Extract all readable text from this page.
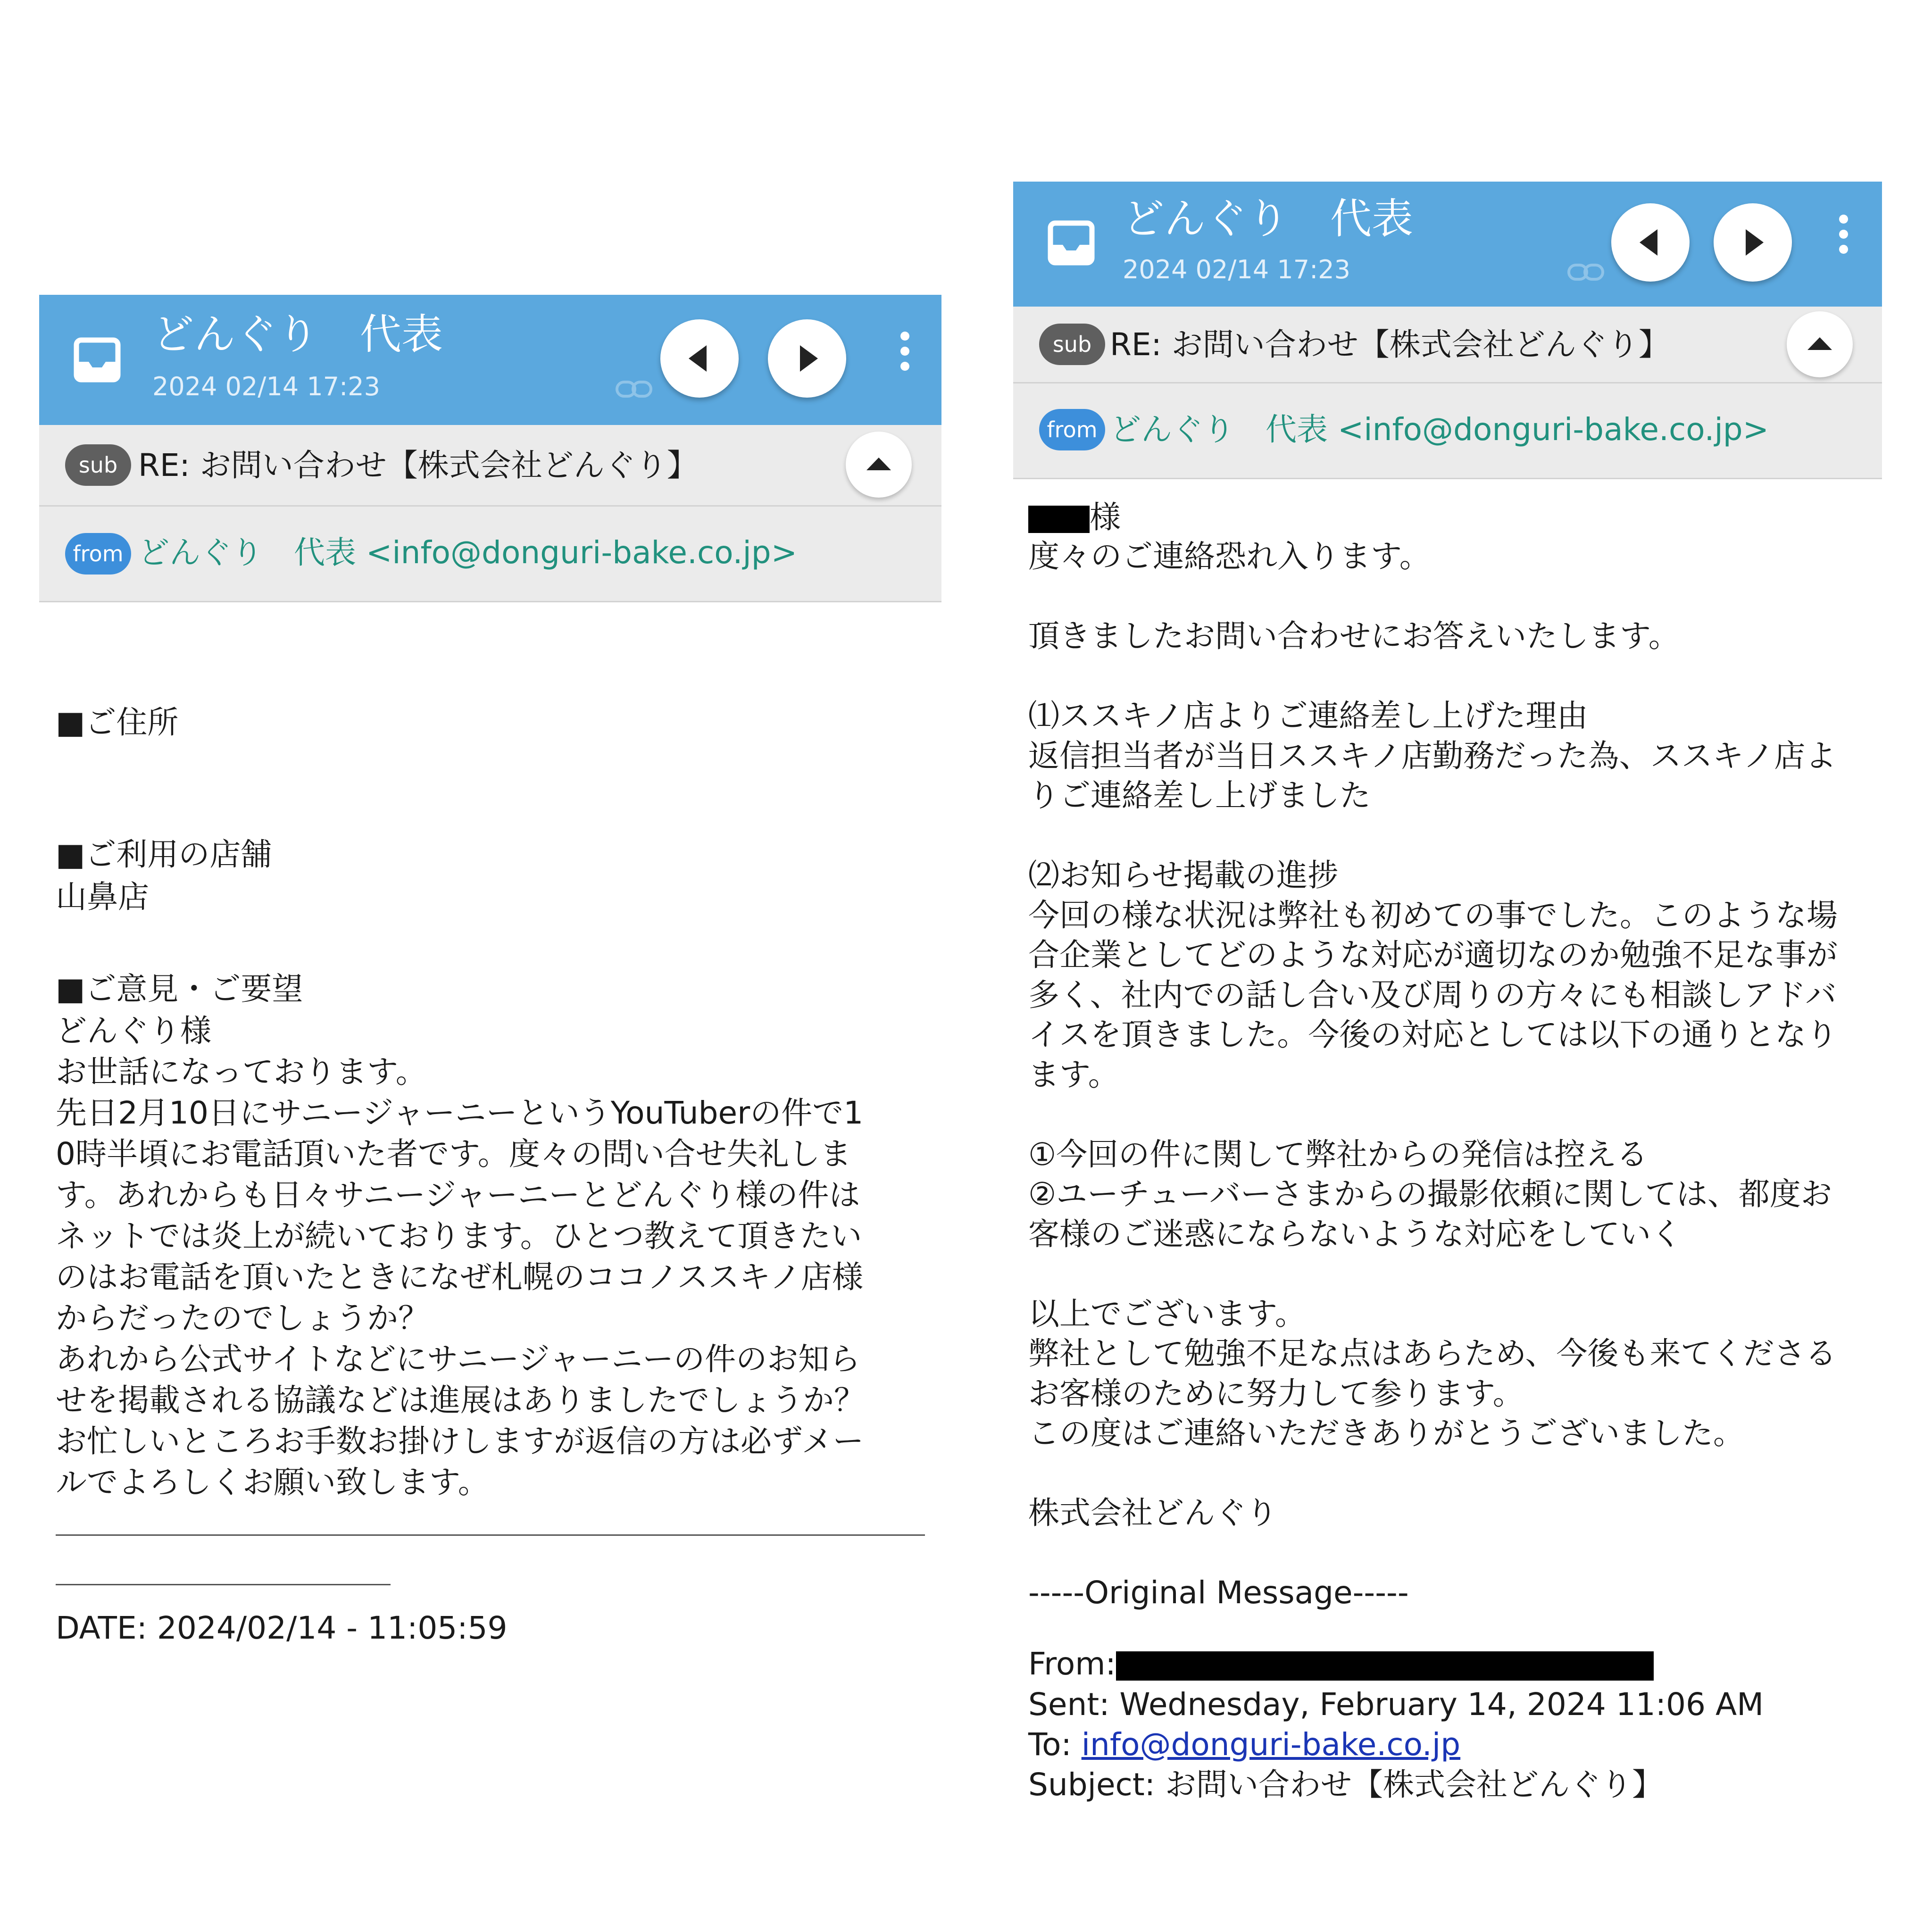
どんぐり　代表
2024 02/14 17:23
sub RE: お問い合わせ【株式会社どんぐり】
from どんぐり　代表 <info@donguri-bake.co.jp>
■ご住所
■ご利用の店舗
山鼻店
■ご意見・ご要望
どんぐり様
お世話になっております。
先日2月10日にサニージャーニーというYouTuberの件で1
0時半頃にお電話頂いた者です。度々の問い合せ失礼しま
す。あれからも日々サニージャーニーとどんぐり様の件は
ネットでは炎上が続いております。ひとつ教えて頂きたい
のはお電話を頂いたときになぜ札幌のココノススキノ店様
からだったのでしょうか？
あれから公式サイトなどにサニージャーニーの件のお知ら
せを掲載される協議などは進展はありましたでしょうか？
お忙しいところお手数お掛けしますが返信の方は必ずメー
ルでよろしくお願い致します。
DATE: 2024/02/14 - 11:05:59
どんぐり　代表
2024 02/14 17:23
sub RE: お問い合わせ【株式会社どんぐり】
from どんぐり　代表 <info@donguri-bake.co.jp>
様
度々のご連絡恐れ入ります。

頂きましたお問い合わせにお答えいたします。

⑴ススキノ店よりご連絡差し上げた理由
返信担当者が当日ススキノ店勤務だった為、ススキノ店よ
りご連絡差し上げました

⑵お知らせ掲載の進捗
今回の様な状況は弊社も初めての事でした。このような場
合企業としてどのような対応が適切なのか勉強不足な事が
多く、社内での話し合い及び周りの方々にも相談しアドバ
イスを頂きました。今後の対応としては以下の通りとなり
ます。

①今回の件に関して弊社からの発信は控える
②ユーチューバーさまからの撮影依頼に関しては、都度お
客様のご迷惑にならないような対応をしていく

以上でございます。
弊社として勉強不足な点はあらため、今後も来てくださる
お客様のために努力して参ります。
この度はご連絡いただきありがとうございました。

株式会社どんぐり

-----Original Message-----
From:
Sent: Wednesday, February 14, 2024 11:06 AM
To: info@donguri-bake.co.jp
Subject: お問い合わせ【株式会社どんぐり】
